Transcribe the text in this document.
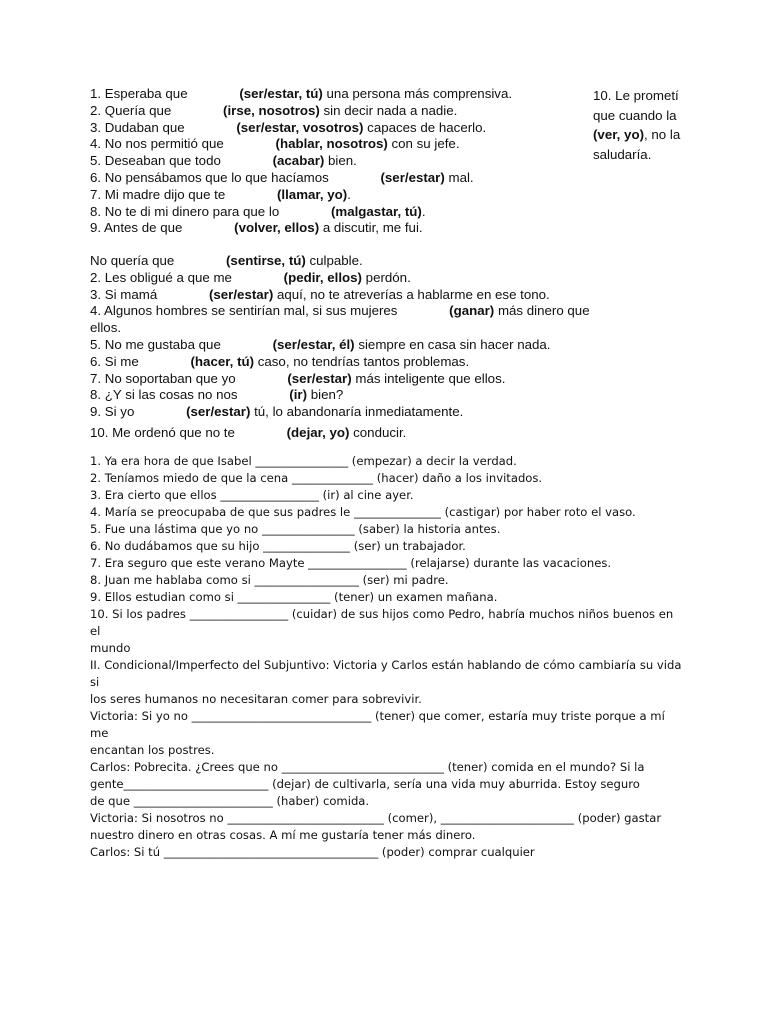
1. Esperaba que              (ser/estar, tú) una persona más comprensiva.
2. Quería que              (irse, nosotros) sin decir nada a nadie.
3. Dudaban que              (ser/estar, vosotros) capaces de hacerlo.
4. No nos permitió que              (hablar, nosotros) con su jefe.
5. Deseaban que todo              (acabar) bien.
6. No pensábamos que lo que hacíamos              (ser/estar) mal.
7. Mi madre dijo que te              (llamar, yo).
8. No te di mi dinero para que lo              (malgastar, tú).
9. Antes de que              (volver, ellos) a discutir, me fui.
10. Le prometí que cuando la (ver, yo), no la saludaría.
No quería que              (sentirse, tú) culpable.
2. Les obligué a que me              (pedir, ellos) perdón.
3. Si mamá              (ser/estar) aquí, no te atreverías a hablarme en ese tono.
4. Algunos hombres se sentirían mal, si sus mujeres              (ganar) más dinero que
ellos.
5. No me gustaba que              (ser/estar, él) siempre en casa sin hacer nada.
6. Si me              (hacer, tú) caso, no tendrías tantos problemas.
7. No soportaban que yo              (ser/estar) más inteligente que ellos.
8. ¿Y si las cosas no nos              (ir) bien?
9. Si yo              (ser/estar) tú, lo abandonaría inmediatamente.
10. Me ordenó que no te              (dejar, yo) conducir.
1. Ya era hora de que Isabel ________________ (empezar) a decir la verdad.
2. Teníamos miedo de que la cena ______________ (hacer) daño a los invitados.
3. Era cierto que ellos _________________ (ir) al cine ayer.
4. María se preocupaba de que sus padres le _______________ (castigar) por haber roto el vaso.
5. Fue una lástima que yo no ________________ (saber) la historia antes.
6. No dudábamos que su hijo _______________ (ser) un trabajador.
7. Era seguro que este verano Mayte _________________ (relajarse) durante las vacaciones.
8. Juan me hablaba como si __________________ (ser) mi padre.
9. Ellos estudian como si ________________ (tener) un examen mañana.
10. Si los padres _________________ (cuidar) de sus hijos como Pedro, habría muchos niños buenos en el
mundo
II. Condicional/Imperfecto del Subjuntivo: Victoria y Carlos están hablando de cómo cambiaría su vida si
los seres humanos no necesitaran comer para sobrevivir.
Victoria: Si yo no _______________________________ (tener) que comer, estaría muy triste porque a mí me
encantan los postres.
Carlos: Pobrecita. ¿Crees que no ____________________________ (tener) comida en el mundo? Si la gente_________________________ (dejar) de cultivarla, sería una vida muy aburrida. Estoy seguro
de que ________________________ (haber) comida.
Victoria: Si nosotros no ___________________________ (comer), _______________________ (poder) gastar
nuestro dinero en otras cosas. A mí me gustaría tener más dinero.
Carlos: Si tú _____________________________________ (poder) comprar cualquier
